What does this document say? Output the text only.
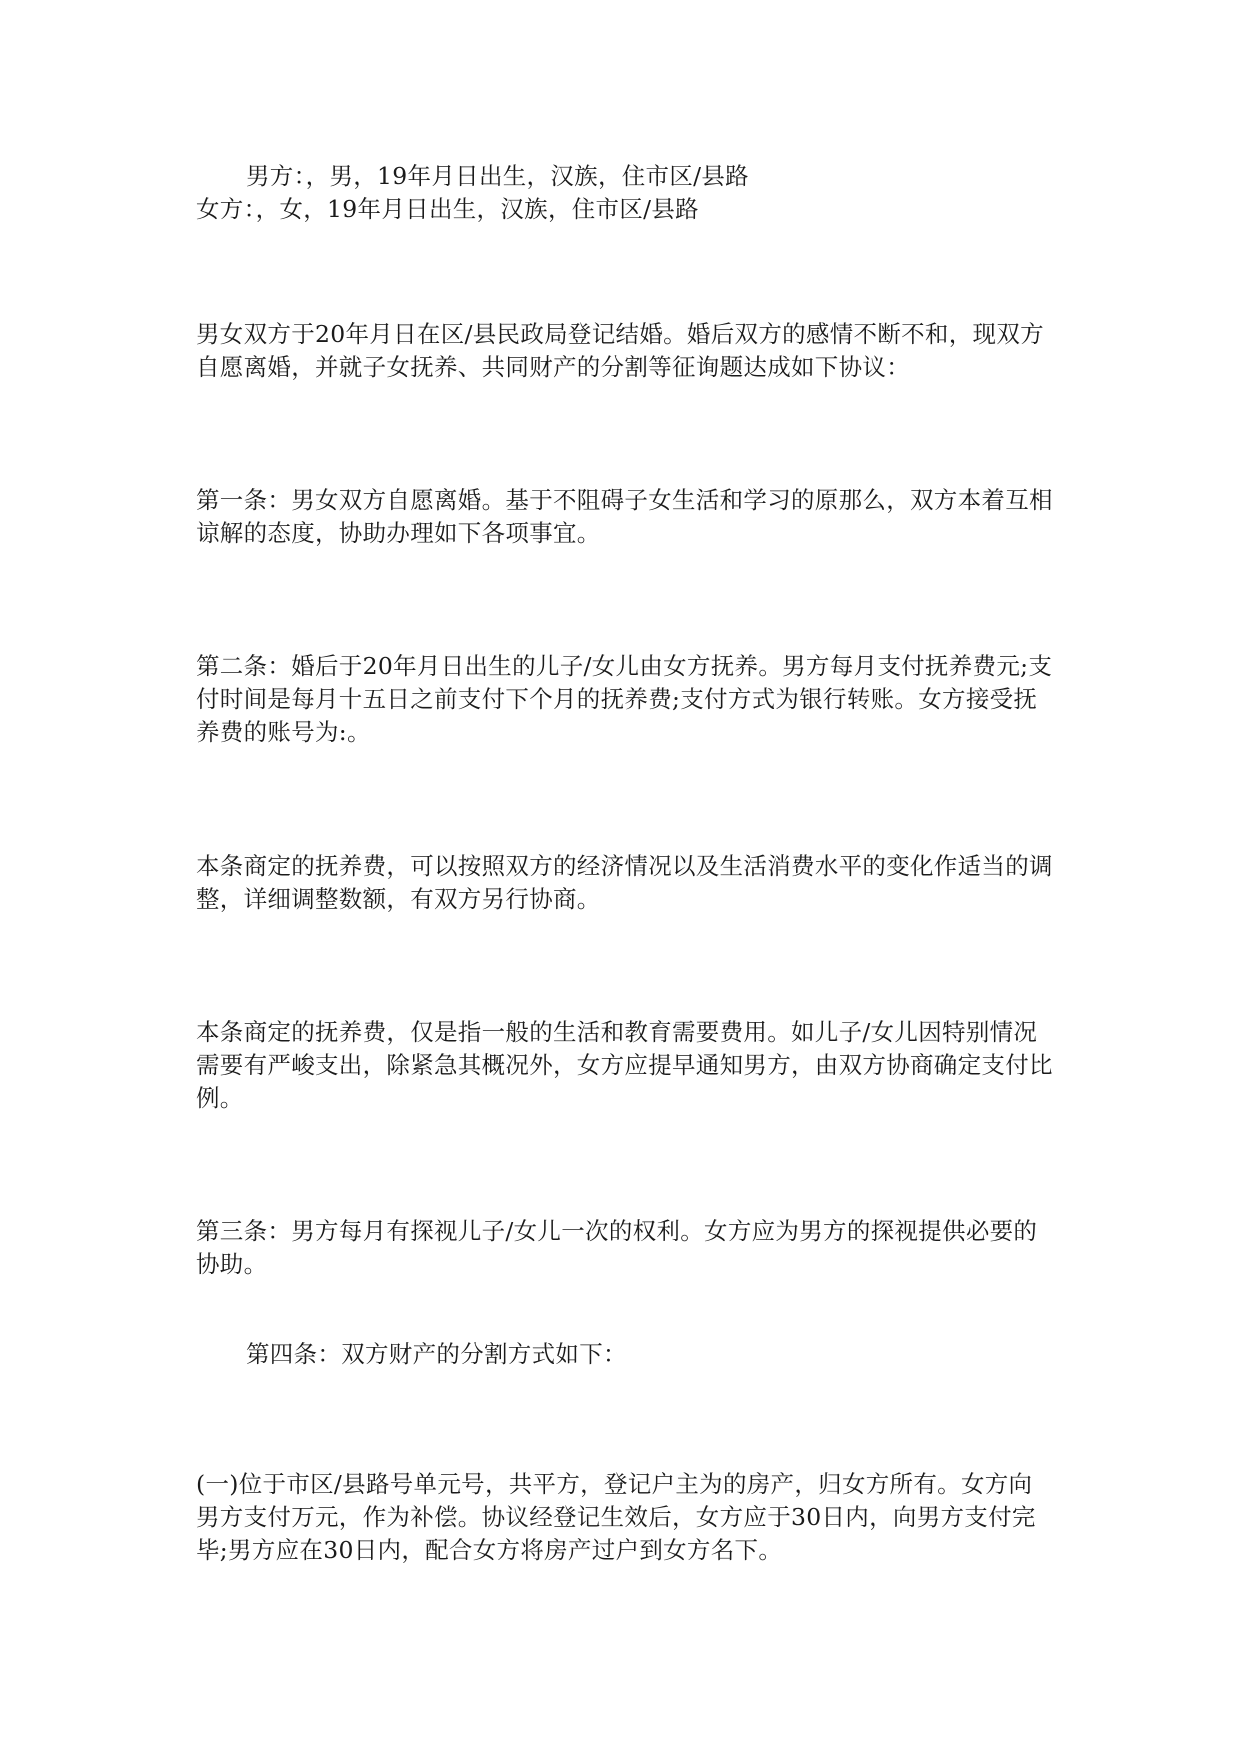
男方：，男，19年月日出生，汉族，住市区/县路

女方：，女，19年月日出生，汉族，住市区/县路

男女双方于20年月日在区/县民政局登记结婚。婚后双方的感情不断不和，现双方自愿离婚，并就子女抚养、共同财产的分割等征询题达成如下协议：

第一条：男女双方自愿离婚。基于不阻碍子女生活和学习的原那么，双方本着互相谅解的态度，协助办理如下各项事宜。

第二条：婚后于20年月日出生的儿子/女儿由女方抚养。男方每月支付抚养费元;支付时间是每月十五日之前支付下个月的抚养费;支付方式为银行转账。女方接受抚养费的账号为:。

本条商定的抚养费，可以按照双方的经济情况以及生活消费水平的变化作适当的调整，详细调整数额，有双方另行协商。

本条商定的抚养费，仅是指一般的生活和教育需要费用。如儿子/女儿因特别情况需要有严峻支出，除紧急其概况外，女方应提早通知男方，由双方协商确定支付比例。

第三条：男方每月有探视儿子/女儿一次的权利。女方应为男方的探视提供必要的协助。

第四条：双方财产的分割方式如下：

(一)位于市区/县路号单元号，共平方，登记户主为的房产，归女方所有。女方向男方支付万元，作为补偿。协议经登记生效后，女方应于30日内，向男方支付完毕;男方应在30日内，配合女方将房产过户到女方名下。
